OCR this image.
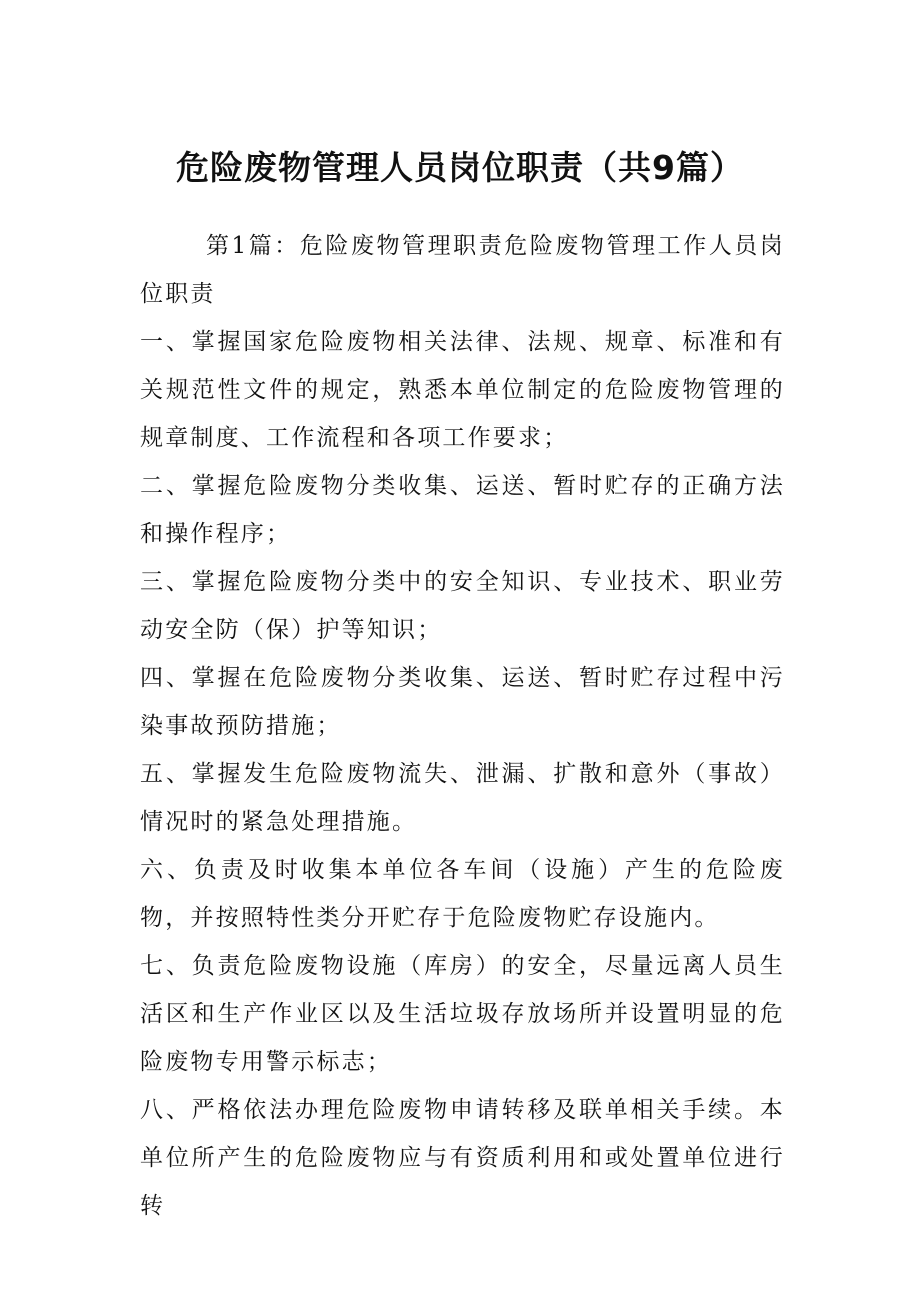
危险废物管理人员岗位职责（共9篇）

第1篇：危险废物管理职责危险废物管理工作人员岗位职责

一、掌握国家危险废物相关法律、法规、规章、标准和有关规范性文件的规定，熟悉本单位制定的危险废物管理的规章制度、工作流程和各项工作要求；

二、掌握危险废物分类收集、运送、暂时贮存的正确方法和操作程序；

三、掌握危险废物分类中的安全知识、专业技术、职业劳动安全防（保）护等知识；

四、掌握在危险废物分类收集、运送、暂时贮存过程中污染事故预防措施；

五、掌握发生危险废物流失、泄漏、扩散和意外（事故）情况时的紧急处理措施。

六、负责及时收集本单位各车间（设施）产生的危险废物，并按照特性类分开贮存于危险废物贮存设施内。

七、负责危险废物设施（库房）的安全，尽量远离人员生活区和生产作业区以及生活垃圾存放场所并设置明显的危险废物专用警示标志；

八、严格依法办理危险废物申请转移及联单相关手续。本单位所产生的危险废物应与有资质利用和或处置单位进行转
